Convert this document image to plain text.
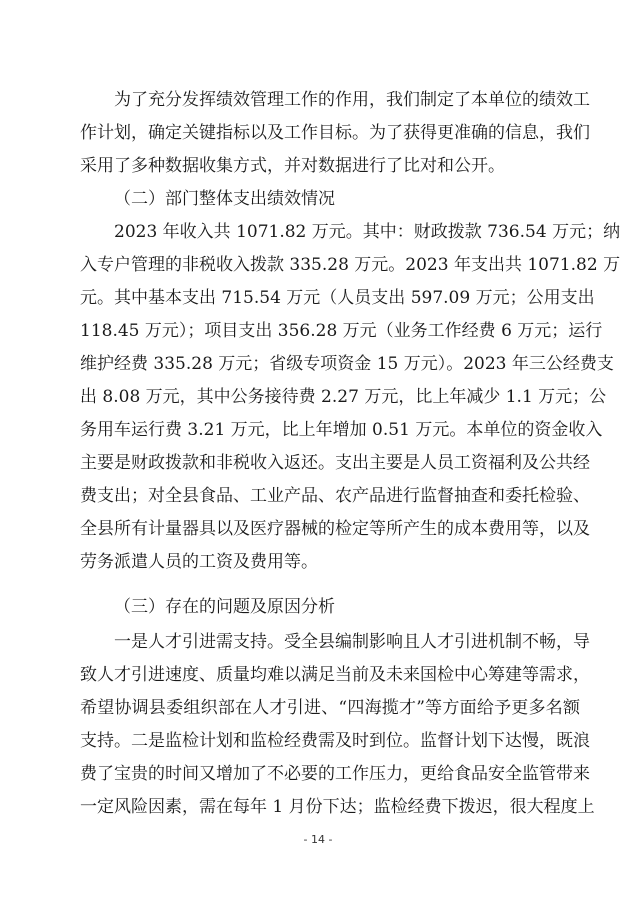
为了充分发挥绩效管理工作的作用，我们制定了本单位的绩效工
作计划，确定关键指标以及工作目标。为了获得更准确的信息，我们
采用了多种数据收集方式，并对数据进行了比对和公开。
（二）部门整体支出绩效情况
2023 年收入共 1071.82 万元。其中：财政拨款 736.54 万元；纳
入专户管理的非税收入拨款 335.28 万元。2023 年支出共 1071.82 万
元。其中基本支出 715.54 万元（人员支出 597.09 万元；公用支出
118.45 万元）；项目支出 356.28 万元（业务工作经费 6 万元；运行
维护经费 335.28 万元；省级专项资金 15 万元）。2023 年三公经费支
出 8.08 万元，其中公务接待费 2.27 万元，比上年减少 1.1 万元；公
务用车运行费 3.21 万元，比上年增加 0.51 万元。本单位的资金收入
主要是财政拨款和非税收入返还。支出主要是人员工资福利及公共经
费支出；对全县食品、工业产品、农产品进行监督抽查和委托检验、
全县所有计量器具以及医疗器械的检定等所产生的成本费用等，以及
劳务派遣人员的工资及费用等。
（三）存在的问题及原因分析
一是人才引进需支持。受全县编制影响且人才引进机制不畅，导
致人才引进速度、质量均难以满足当前及未来国检中心筹建等需求，
希望协调县委组织部在人才引进、“四海揽才”等方面给予更多名额
支持。二是监检计划和监检经费需及时到位。监督计划下达慢，既浪
费了宝贵的时间又增加了不必要的工作压力，更给食品安全监管带来
一定风险因素，需在每年 1 月份下达；监检经费下拨迟，很大程度上
- 14 -
